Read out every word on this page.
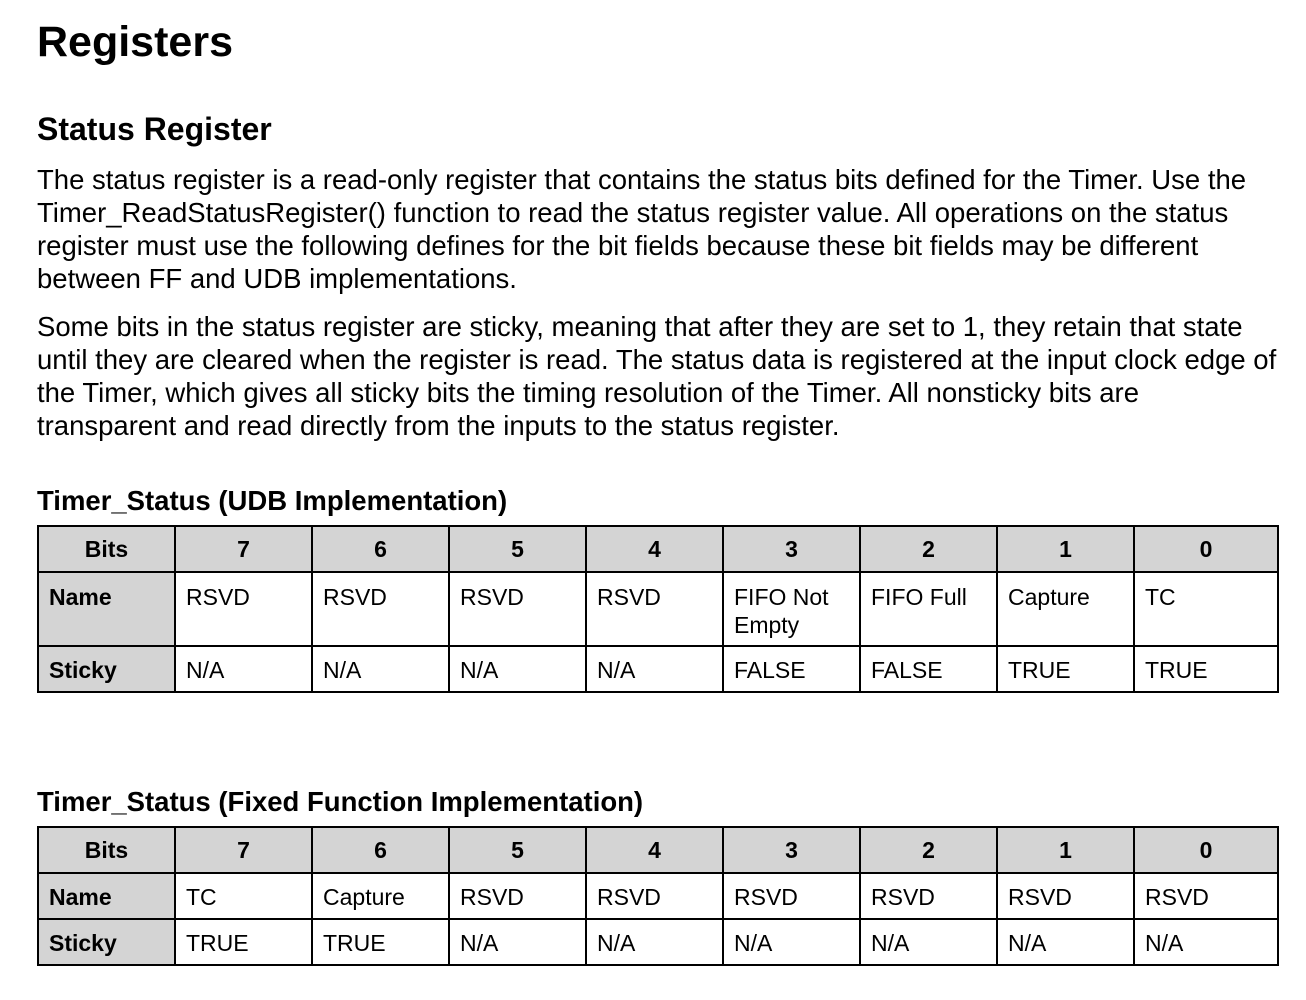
Registers
Status Register

The status register is a read-only register that contains the status bits defined for the Timer. Use the Timer_ReadStatusRegister() function to read the status register value. All operations on the status register must use the following defines for the bit fields because these bit fields may be different between FF and UDB implementations.

Some bits in the status register are sticky, meaning that after they are set to 1, they retain that state until they are cleared when the register is read. The status data is registered at the input clock edge of the Timer, which gives all sticky bits the timing resolution of the Timer. All nonsticky bits are transparent and read directly from the inputs to the status register.

Timer_Status (UDB Implementation)
Bits	7	6	5	4	3	2	1	0

Name	RSVD	RSVD	RSVD	RSVD	FIFO Not Empty	FIFO Full	Capture	TC

Sticky	N/A	N/A	N/A	N/A	FALSE	FALSE	TRUE	TRUE
Timer_Status (Fixed Function Implementation)
Bits	7	6	5	4	3	2	1	0

Name	TC	Capture	RSVD	RSVD	RSVD	RSVD	RSVD	RSVD

Sticky	TRUE	TRUE	N/A	N/A	N/A	N/A	N/A	N/A
